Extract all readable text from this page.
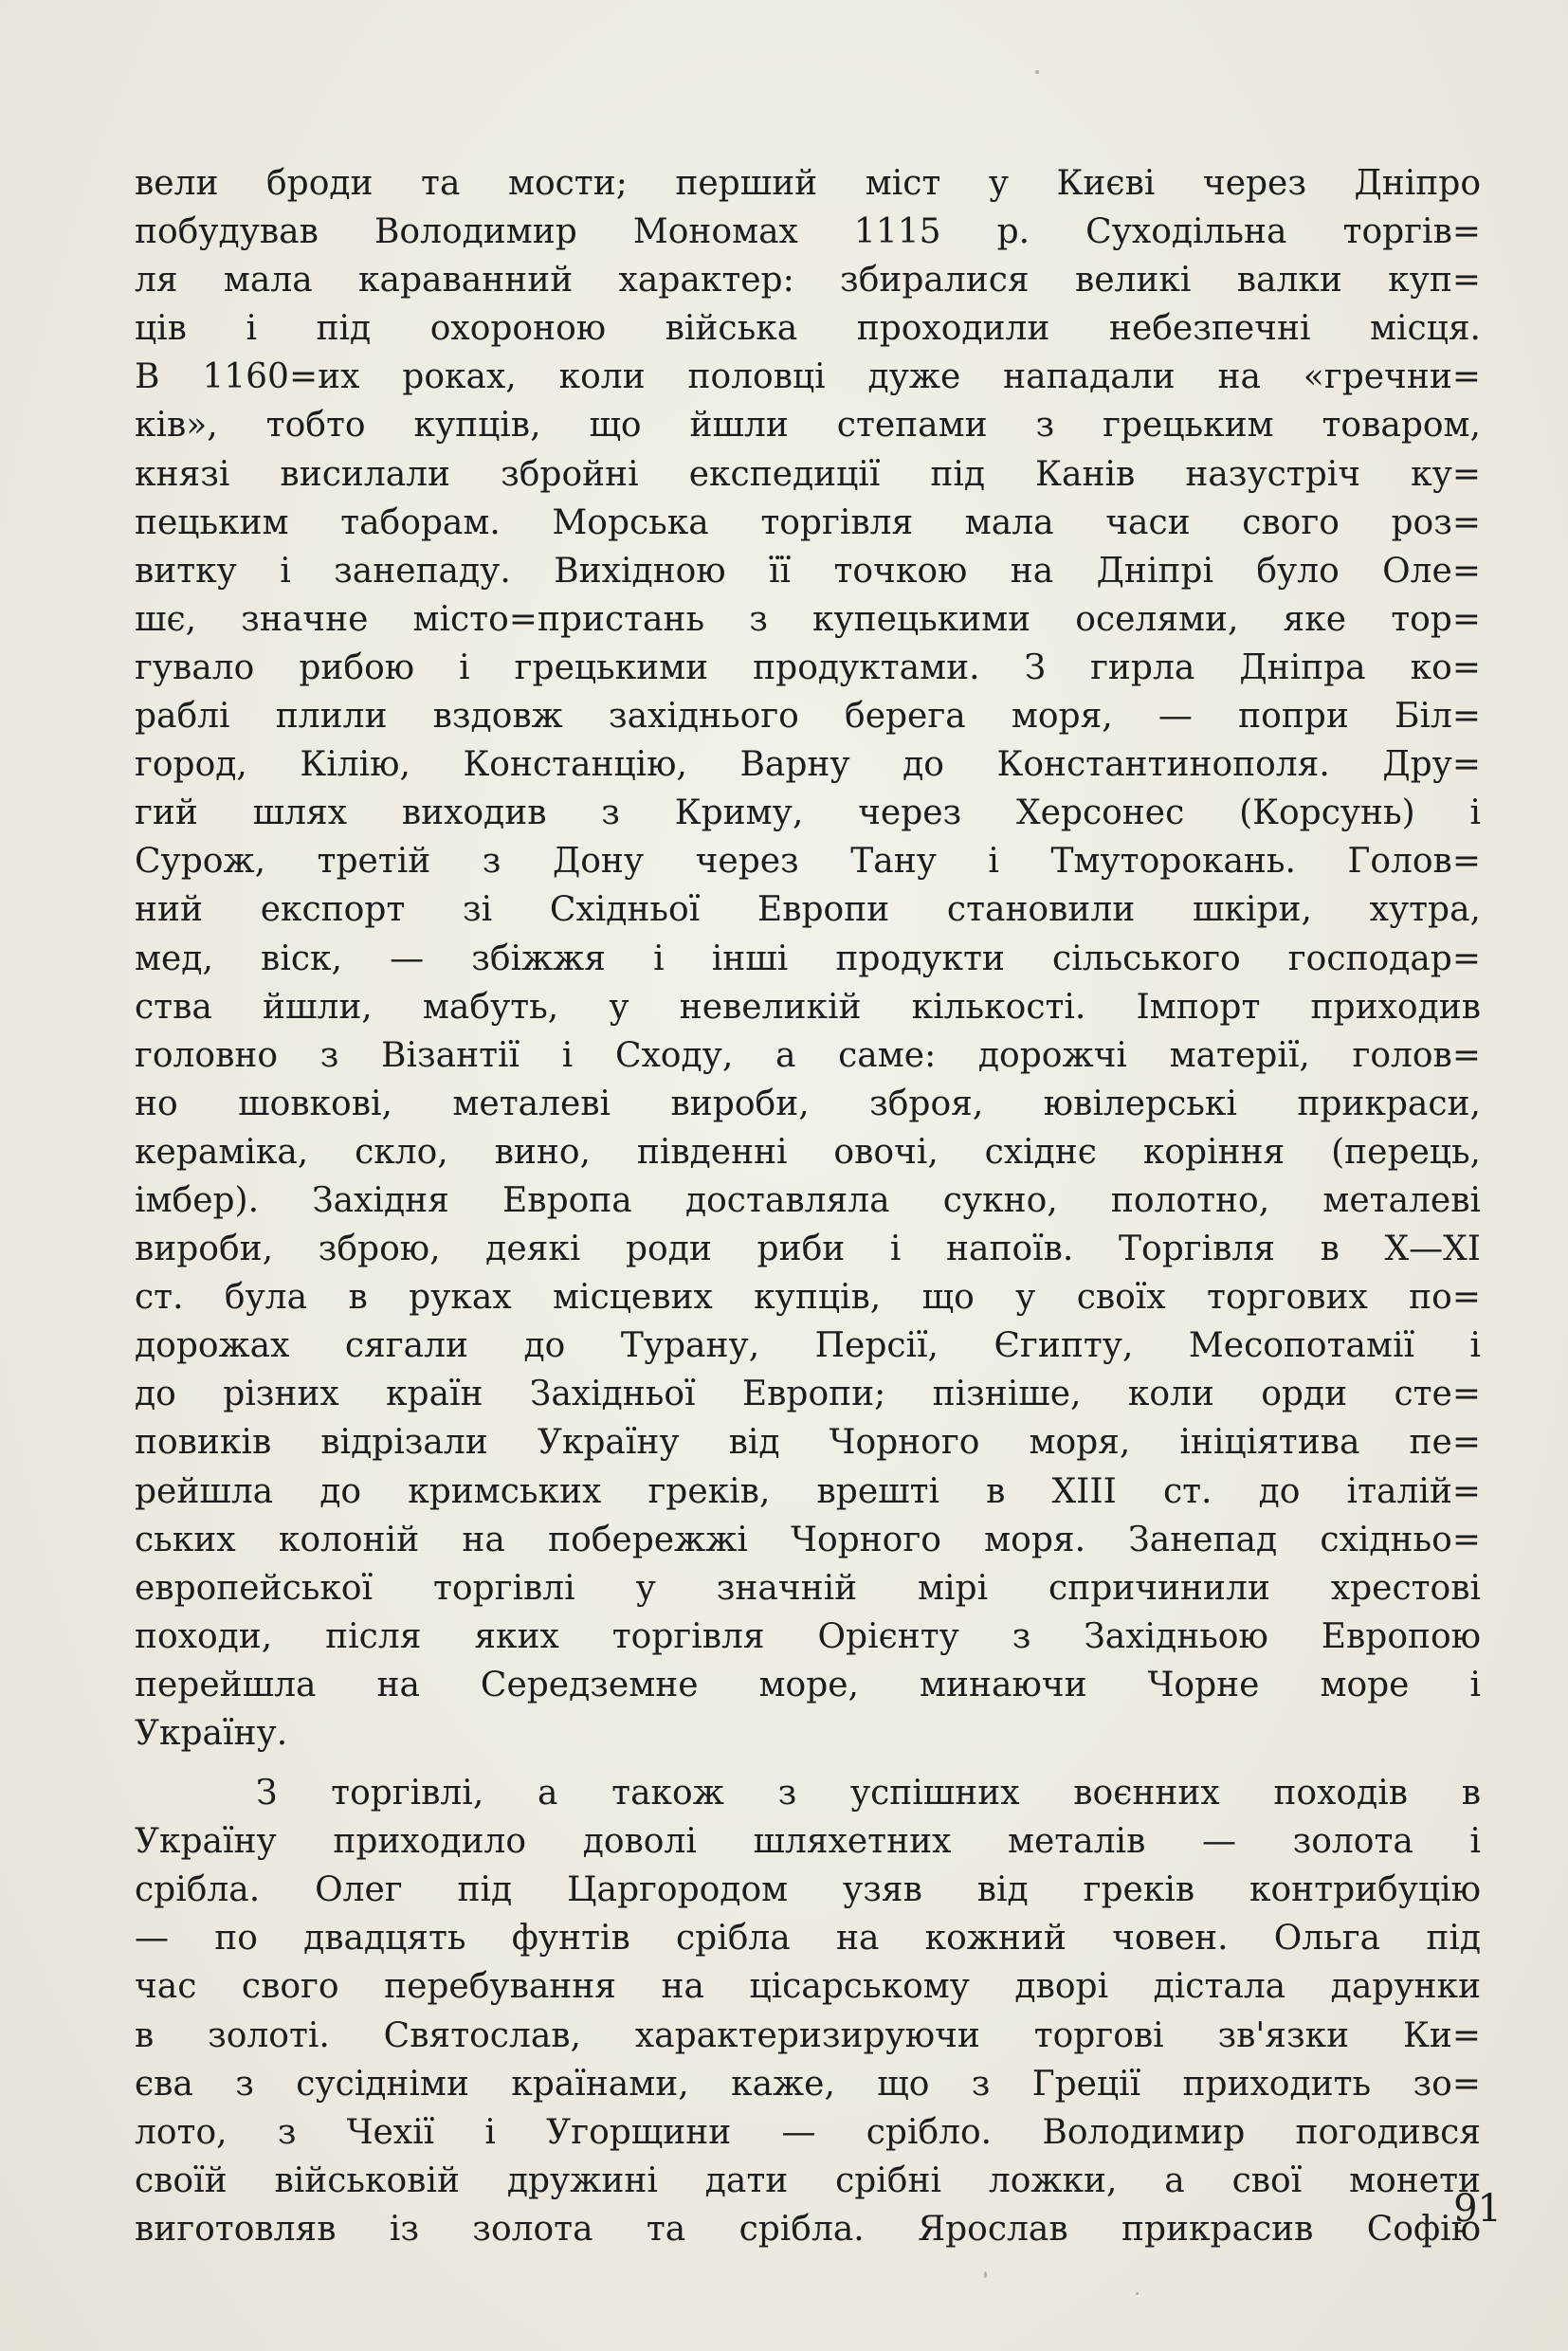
вели броди та мости; перший міст у Києві через Дніпро
побудував Володимир Мономах 1115 р. Суходільна торгів=
ля мала караванний характер: збиралися великі валки куп=
ців і під охороною війська проходили небезпечні місця.
В 1160=их роках, коли половці дуже нападали на «гречни=
ків», тобто купців, що йшли степами з грецьким товаром,
князі висилали збройні експедиції під Канів назустріч ку=
пецьким таборам. Морська торгівля мала часи свого роз=
витку і занепаду. Вихідною її точкою на Дніпрі було Оле=
шє, значне місто=пристань з купецькими оселями, яке тор=
гувало рибою і грецькими продуктами. З гирла Дніпра ко=
раблі плили вздовж західнього берега моря, — попри Біл=
город, Кілію, Констанцію, Варну до Константинополя. Дру=
гий шлях виходив з Криму, через Херсонес (Корсунь) і
Сурож, третій з Дону через Тану і Тмуторокань. Голов=
ний експорт зі Східньої Европи становили шкіри, хутра,
мед, віск, — збіжжя і інші продукти сільського господар=
ства йшли, мабуть, у невеликій кількості. Імпорт приходив
головно з Візантії і Сходу, а саме: дорожчі матерії, голов=
но шовкові, металеві вироби, зброя, ювілерські прикраси,
кераміка, скло, вино, південні овочі, східнє коріння (перець,
імбер). Західня Европа доставляла сукно, полотно, металеві
вироби, зброю, деякі роди риби і напоїв. Торгівля в Х—XI
ст. була в руках місцевих купців, що у своїх торгових по=
дорожах сягали до Турану, Персії, Єгипту, Месопотамії і
до різних країн Західньої Европи; пізніше, коли орди сте=
повиків відрізали Україну від Чорного моря, ініціятива пе=
рейшла до кримських греків, врешті в XIII ст. до італій=
ських колоній на побережжі Чорного моря. Занепад східньо=
европейської торгівлі у значній мірі спричинили хрестові
походи, після яких торгівля Орієнту з Західньою Европою
перейшла на Середземне море, минаючи Чорне море і
Україну.
З торгівлі, а також з успішних воєнних походів в
Україну приходило доволі шляхетних металів — золота і
срібла. Олег під Царгородом узяв від греків контрибуцію
— по двадцять фунтів срібла на кожний човен. Ольга під
час свого перебування на цісарському дворі дістала дарунки
в золоті. Святослав, характеризируючи торгові зв'язки Ки=
єва з сусідніми країнами, каже, що з Греції приходить зо=
лото, з Чехії і Угорщини — срібло. Володимир погодився
своїй військовій дружині дати срібні ложки, а свої монети
виготовляв із золота та срібла. Ярослав прикрасив Софію
91
